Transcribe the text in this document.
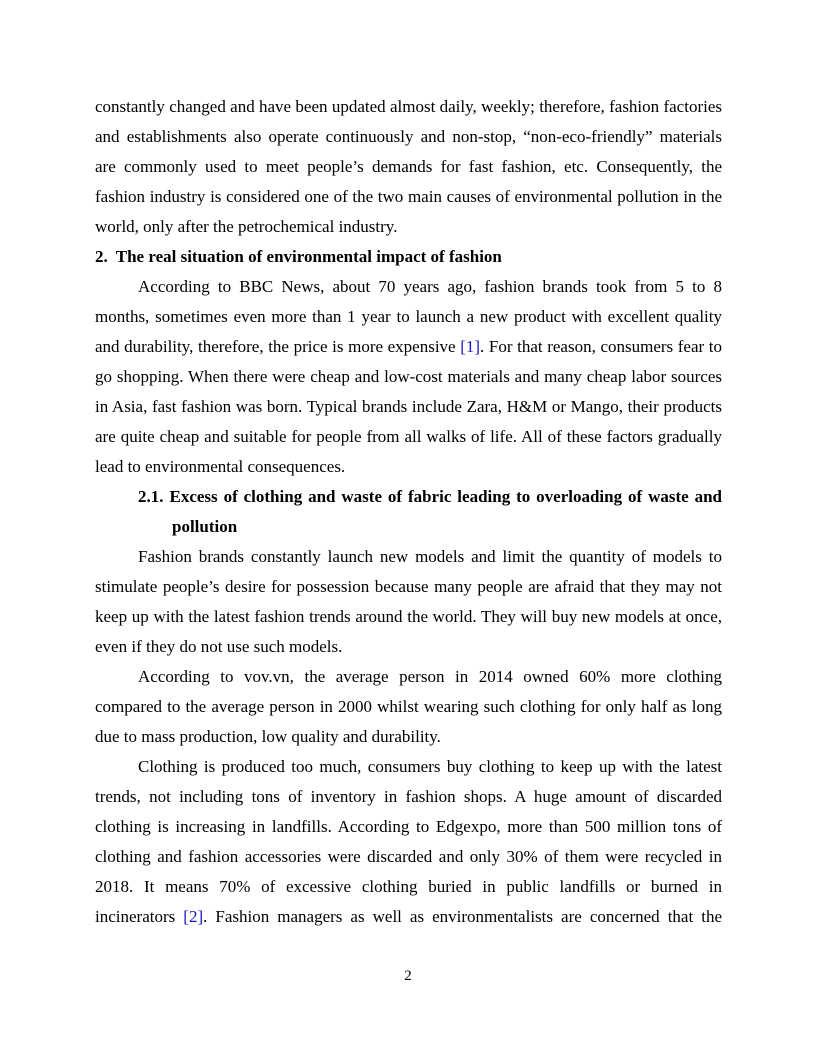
constantly changed and have been updated almost daily, weekly; therefore, fashion factories and establishments also operate continuously and non-stop, “non-eco-friendly” materials are commonly used to meet people’s demands for fast fashion, etc. Consequently, the fashion industry is considered one of the two main causes of environmental pollution in the world, only after the petrochemical industry.

2. The real situation of environmental impact of fashion

According to BBC News, about 70 years ago, fashion brands took from 5 to 8 months, sometimes even more than 1 year to launch a new product with excellent quality and durability, therefore, the price is more expensive [1]. For that reason, consumers fear to go shopping. When there were cheap and low-cost materials and many cheap labor sources in Asia, fast fashion was born. Typical brands include Zara, H&M or Mango, their products are quite cheap and suitable for people from all walks of life. All of these factors gradually lead to environmental consequences.

2.1. Excess of clothing and waste of fabric leading to overloading of waste and pollution

Fashion brands constantly launch new models and limit the quantity of models to stimulate people’s desire for possession because many people are afraid that they may not keep up with the latest fashion trends around the world. They will buy new models at once, even if they do not use such models.

According to vov.vn, the average person in 2014 owned 60% more clothing compared to the average person in 2000 whilst wearing such clothing for only half as long due to mass production, low quality and durability.

Clothing is produced too much, consumers buy clothing to keep up with the latest trends, not including tons of inventory in fashion shops. A huge amount of discarded clothing is increasing in landfills. According to Edgexpo, more than 500 million tons of clothing and fashion accessories were discarded and only 30% of them were recycled in 2018. It means 70% of excessive clothing buried in public landfills or burned in incinerators [2]. Fashion managers as well as environmentalists are concerned that the

2
